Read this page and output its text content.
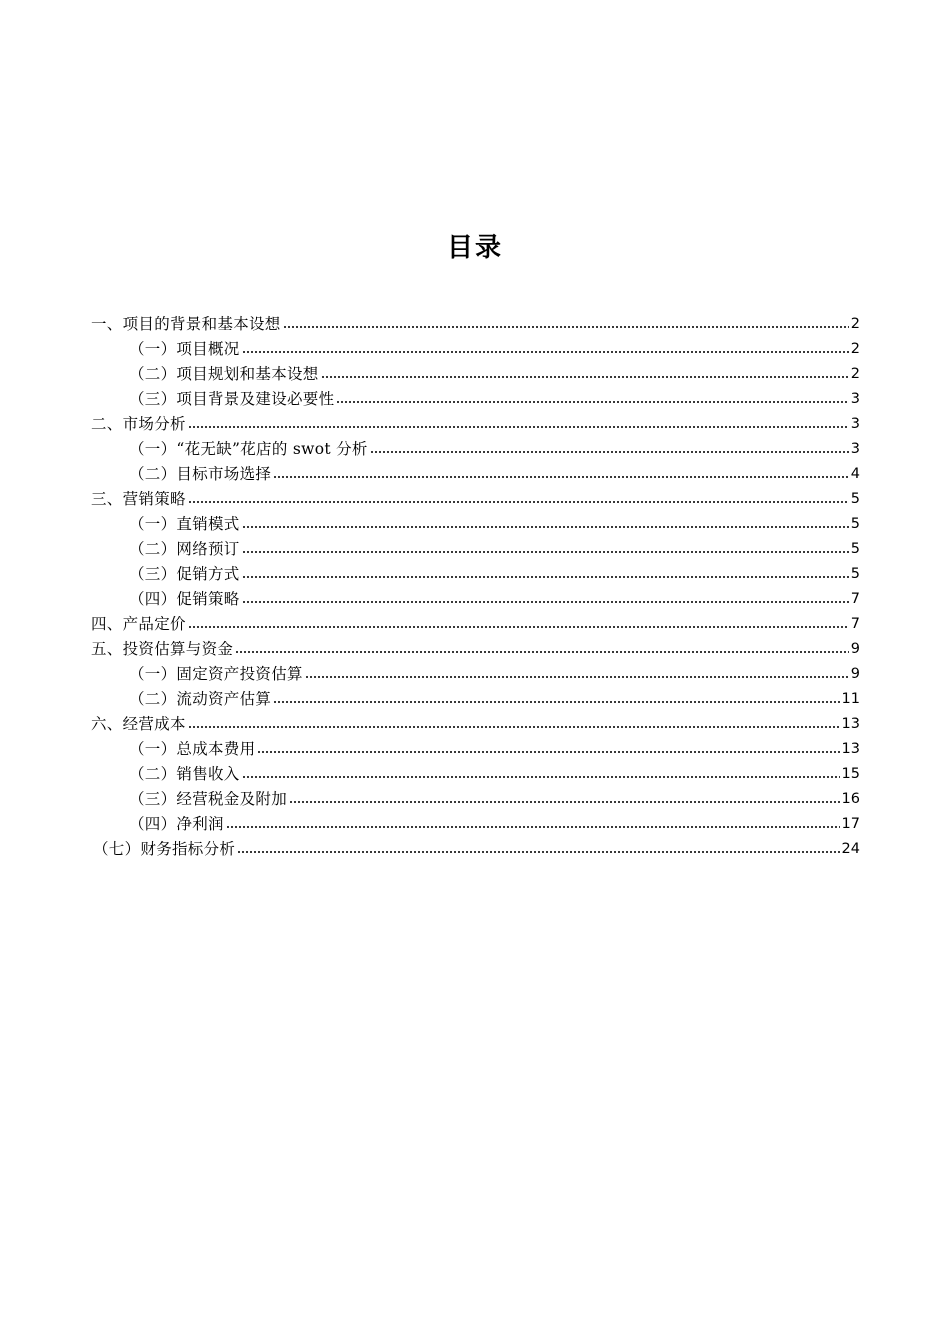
目录
一、项目的背景和基本设想	2
（一）项目概况	2
（二）项目规划和基本设想	2
（三）项目背景及建设必要性	3
二、市场分析	3
（一）“花无缺”花店的 swot 分析	3
（二）目标市场选择	4
三、营销策略	5
（一）直销模式	5
（二）网络预订	5
（三）促销方式	5
（四）促销策略	7
四、产品定价	7
五、投资估算与资金	9
（一）固定资产投资估算	9
（二）流动资产估算	11
六、经营成本	13
（一）总成本费用	13
（二）销售收入	15
（三）经营税金及附加	16
（四）净利润	17
（七）财务指标分析	24
